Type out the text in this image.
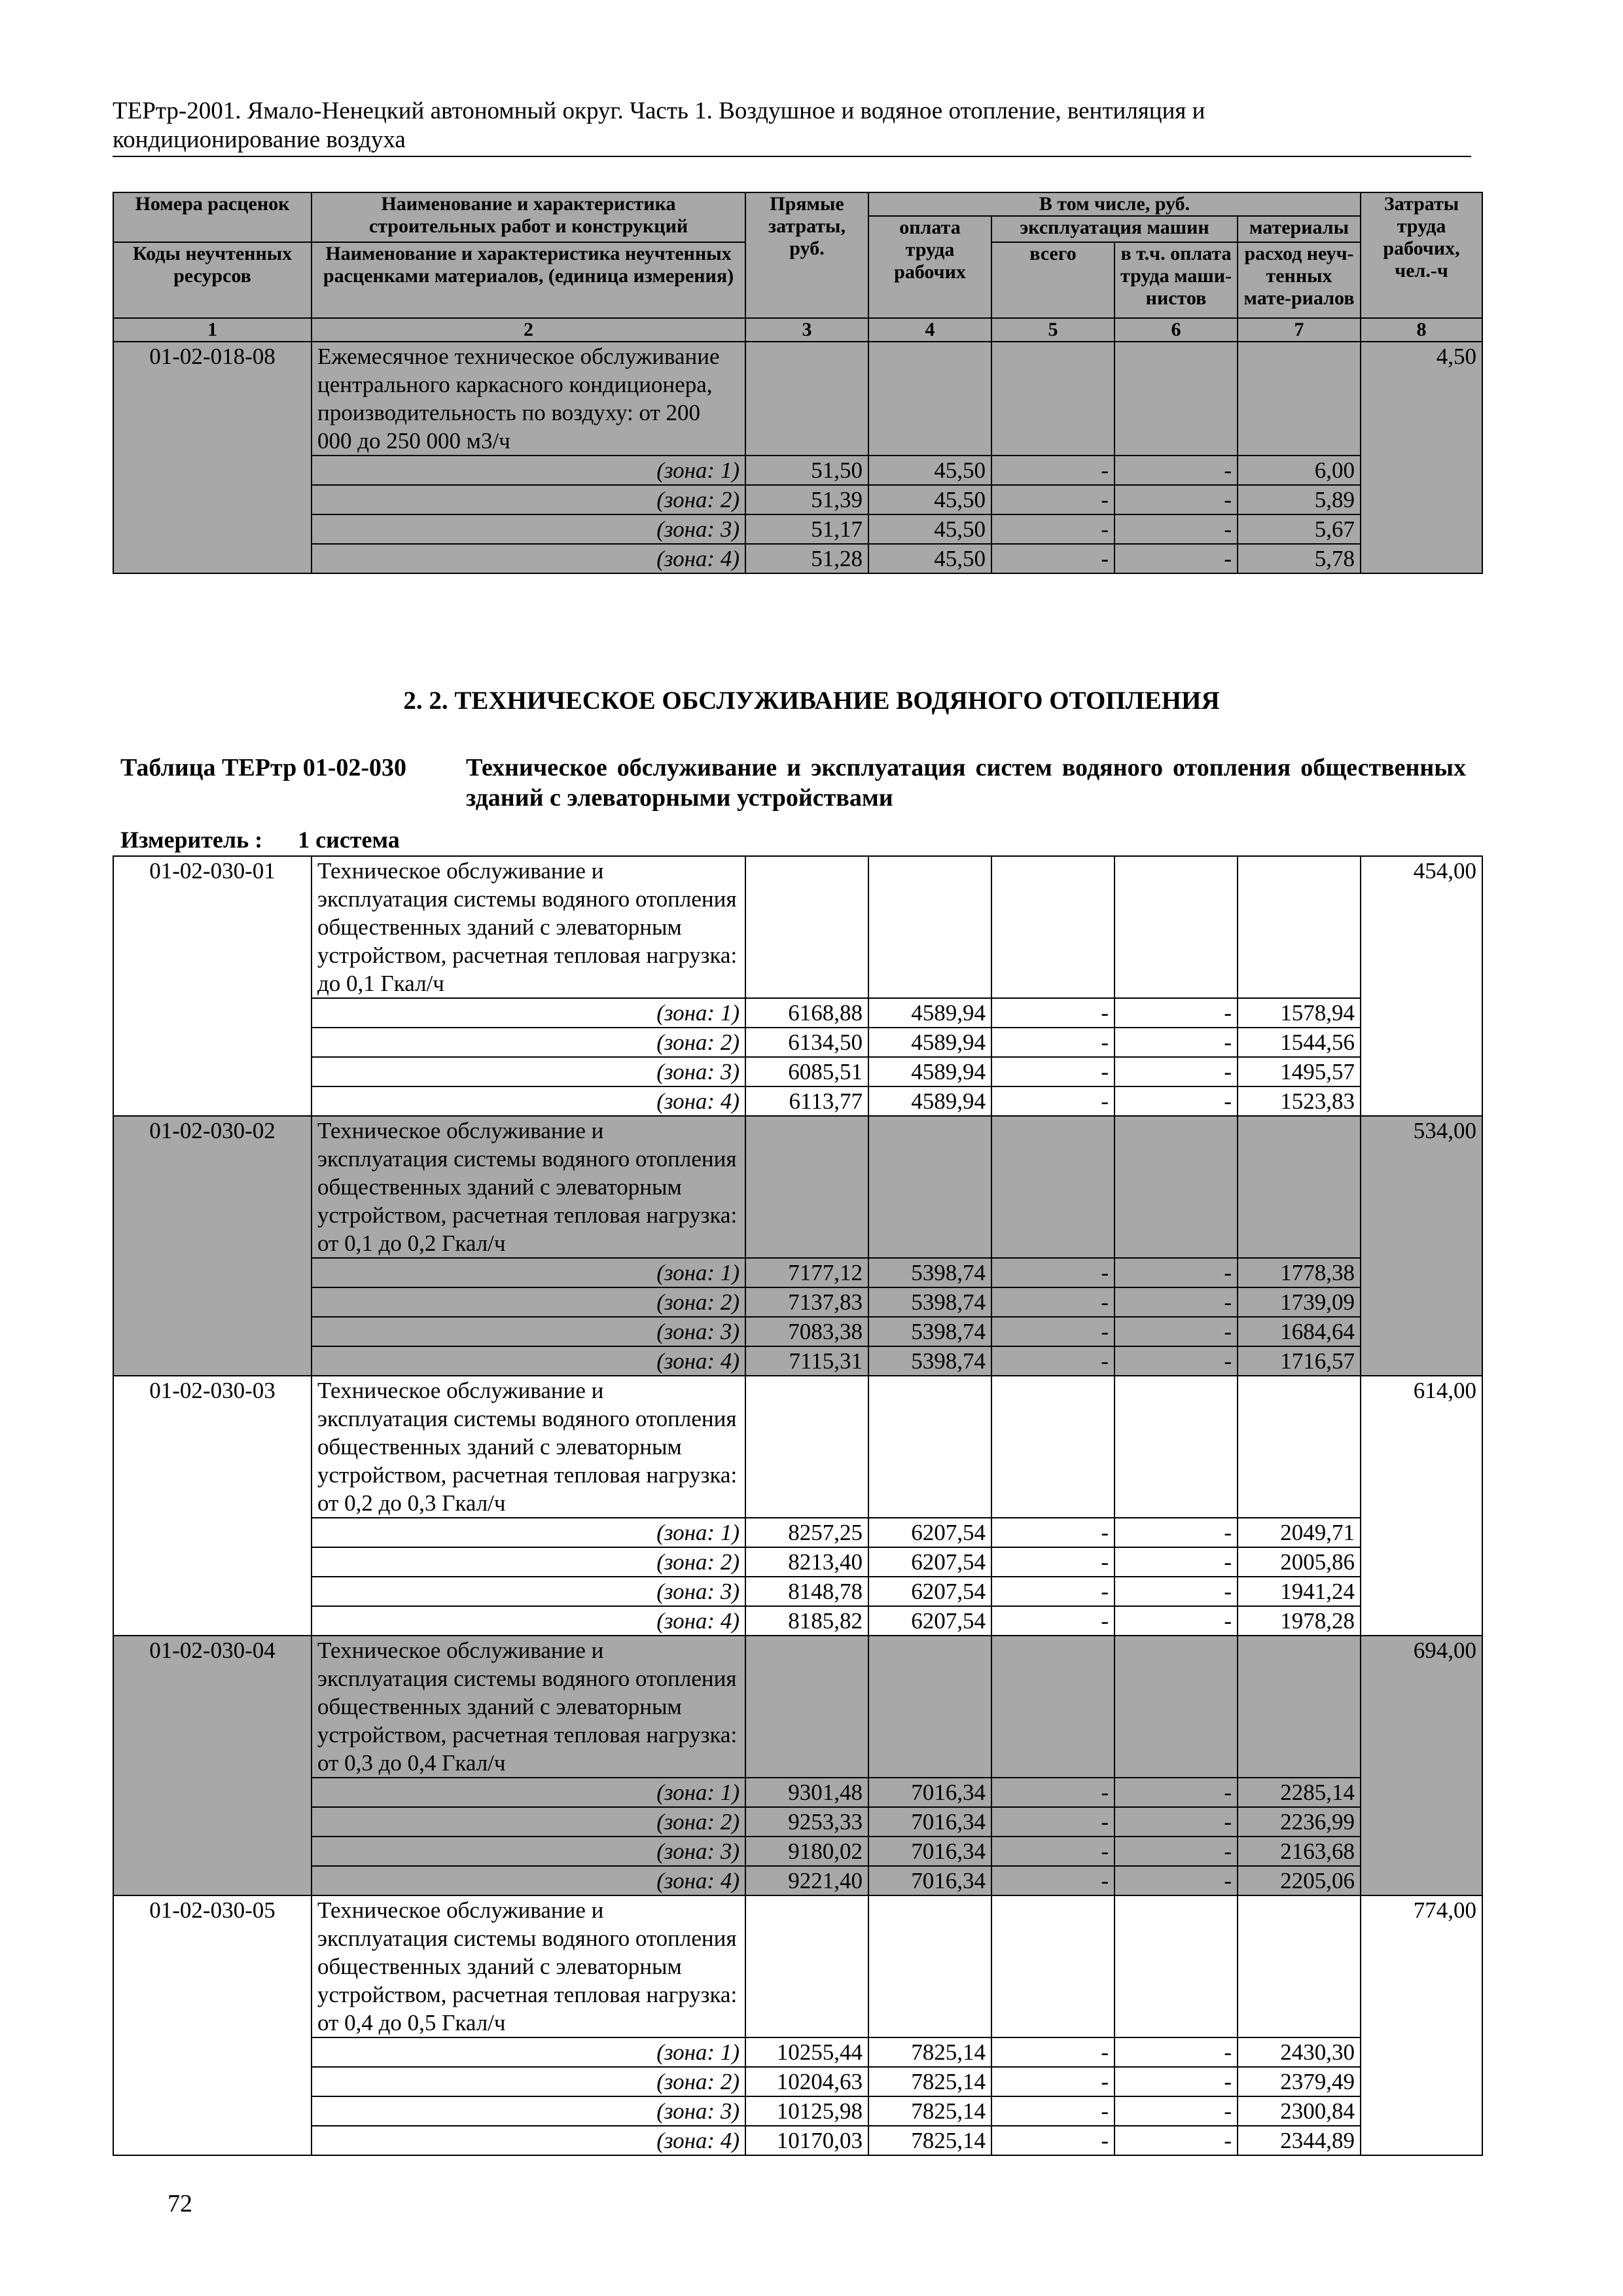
ТЕРтр-2001. Ямало-Ненецкий автономный округ. Часть 1. Воздушное и водяное отопление, вентиляция и
кондиционирование воздуха
Номера расценок	Наименование и характеристика строительных работ и конструкций	Прямые затраты, руб.	В том числе, руб.				Затраты труда рабочих, чел.-ч
			оплата труда рабочих	эксплуатация машин		материалы	
Коды неучтенных ресурсов	Наименование и характеристика неучтенных расценками материалов, (единица измерения)			всего	в т.ч. оплата труда маши-нистов	расход неуч-тенных мате-риалов	

1	2	3	4	5	6	7	8
01-02-018-08	Ежемесячное техническое обслуживание центрального каркасного кондиционера, производительность по воздуху: от 200 000 до 250 000 м3/ч						4,50
	(зона: 1)	51,50	45,50	-	-	6,00	
	(зона: 2)	51,39	45,50	-	-	5,89	
	(зона: 3)	51,17	45,50	-	-	5,67	
	(зона: 4)	51,28	45,50	-	-	5,78	
2. 2. ТЕХНИЧЕСКОЕ ОБСЛУЖИВАНИЕ ВОДЯНОГО ОТОПЛЕНИЯ
Таблица ТЕРтр 01-02-030 Техническое обслуживание и эксплуатация систем водяного отопления общественных зданий с элеваторными устройствами
Измеритель : 1 система
01-02-030-01	Техническое обслуживание и эксплуатация системы водяного отопления общественных зданий с элеваторным устройством, расчетная тепловая нагрузка: до 0,1 Гкал/ч						454,00
	(зона: 1)	6168,88	4589,94	-	-	1578,94	
	(зона: 2)	6134,50	4589,94	-	-	1544,56	
	(зона: 3)	6085,51	4589,94	-	-	1495,57	
	(зона: 4)	6113,77	4589,94	-	-	1523,83	
01-02-030-02	Техническое обслуживание и эксплуатация системы водяного отопления общественных зданий с элеваторным устройством, расчетная тепловая нагрузка: от 0,1 до 0,2 Гкал/ч						534,00
	(зона: 1)	7177,12	5398,74	-	-	1778,38	
	(зона: 2)	7137,83	5398,74	-	-	1739,09	
	(зона: 3)	7083,38	5398,74	-	-	1684,64	
	(зона: 4)	7115,31	5398,74	-	-	1716,57	
01-02-030-03	Техническое обслуживание и эксплуатация системы водяного отопления общественных зданий с элеваторным устройством, расчетная тепловая нагрузка: от 0,2 до 0,3 Гкал/ч						614,00
	(зона: 1)	8257,25	6207,54	-	-	2049,71	
	(зона: 2)	8213,40	6207,54	-	-	2005,86	
	(зона: 3)	8148,78	6207,54	-	-	1941,24	
	(зона: 4)	8185,82	6207,54	-	-	1978,28	
01-02-030-04	Техническое обслуживание и эксплуатация системы водяного отопления общественных зданий с элеваторным устройством, расчетная тепловая нагрузка: от 0,3 до 0,4 Гкал/ч						694,00
	(зона: 1)	9301,48	7016,34	-	-	2285,14	
	(зона: 2)	9253,33	7016,34	-	-	2236,99	
	(зона: 3)	9180,02	7016,34	-	-	2163,68	
	(зона: 4)	9221,40	7016,34	-	-	2205,06	
01-02-030-05	Техническое обслуживание и эксплуатация системы водяного отопления общественных зданий с элеваторным устройством, расчетная тепловая нагрузка: от 0,4 до 0,5 Гкал/ч						774,00
	(зона: 1)	10255,44	7825,14	-	-	2430,30	
	(зона: 2)	10204,63	7825,14	-	-	2379,49	
	(зона: 3)	10125,98	7825,14	-	-	2300,84	
	(зона: 4)	10170,03	7825,14	-	-	2344,89	
72
